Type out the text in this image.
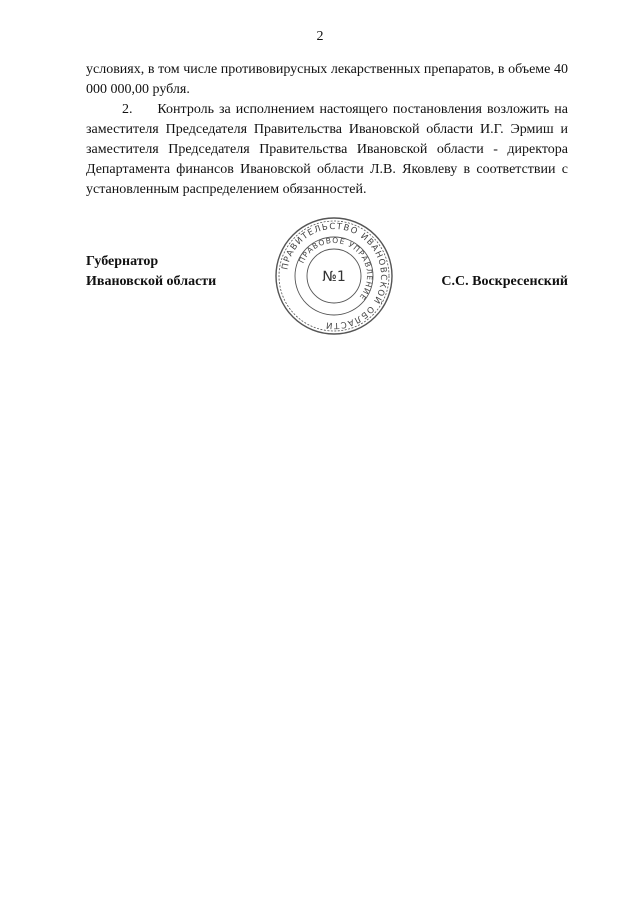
2

условиях, в том числе противовирусных лекарственных препаратов, в объеме 40 000 000,00 рубля.

2.     Контроль за исполнением настоящего постановления возложить на заместителя Председателя Правительства Ивановской области И.Г. Эрмиш и заместителя Председателя Правительства Ивановской области - директора Департамента финансов Ивановской области Л.В. Яковлеву в соответствии с установленным распределением обязанностей.

Губернатор
Ивановской области	С.С. Воскресенский
ПРАВИТЕЛЬСТВО ИВАНОВСКОЙ ОБЛАСТИ
ПРАВОВОЕ УПРАВЛЕНИЕ
№1
